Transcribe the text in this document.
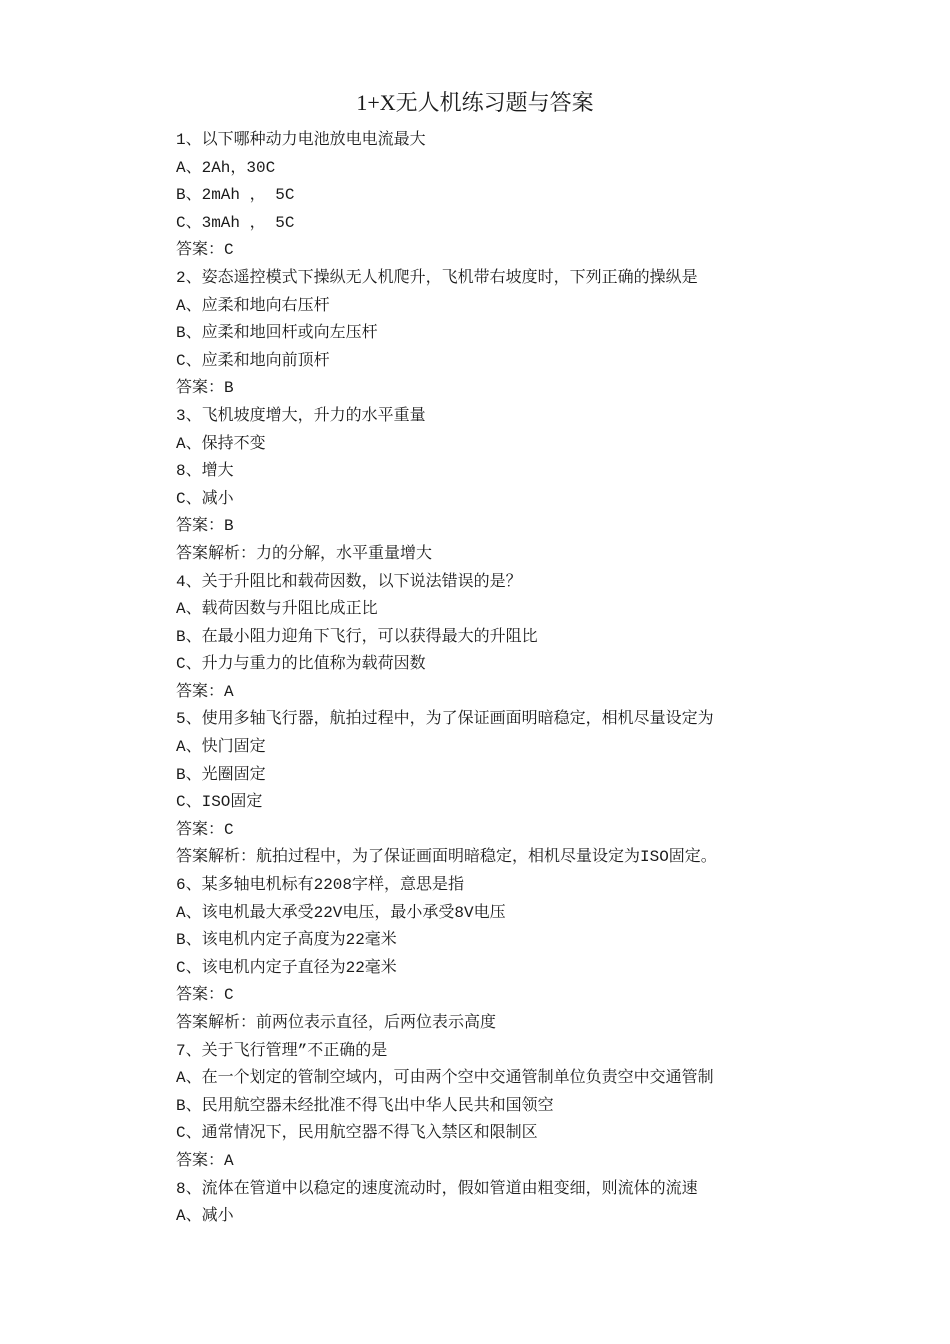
1+X无人机练习题与答案
1、以下哪种动力电池放电电流最大
A、2Ah，30C
B、2mAh ， 5C
C、3mAh ， 5C
答案：C
2、姿态遥控模式下操纵无人机爬升，飞机带右坡度时，下列正确的操纵是
A、应柔和地向右压杆
B、应柔和地回杆或向左压杆
C、应柔和地向前顶杆
答案：B
3、飞机坡度增大，升力的水平重量
A、保持不变
8、增大
C、减小
答案：B
答案解析：力的分解，水平重量增大
4、关于升阻比和载荷因数，以下说法错误的是？
A、载荷因数与升阻比成正比
B、在最小阻力迎角下飞行，可以获得最大的升阻比
C、升力与重力的比值称为载荷因数
答案：A
5、使用多轴飞行器，航拍过程中，为了保证画面明暗稳定，相机尽量设定为
A、快门固定
B、光圈固定
C、ISO固定
答案：C
答案解析：航拍过程中，为了保证画面明暗稳定，相机尽量设定为ISO固定。
6、某多轴电机标有2208字样，意思是指
A、该电机最大承受22V电压，最小承受8V电压
B、该电机内定子高度为22毫米
C、该电机内定子直径为22毫米
答案：C
答案解析：前两位表示直径，后两位表示高度
7、关于飞行管理”不正确的是
A、在一个划定的管制空域内，可由两个空中交通管制单位负责空中交通管制
B、民用航空器未经批准不得飞出中华人民共和国领空
C、通常情况下，民用航空器不得飞入禁区和限制区
答案：A
8、流体在管道中以稳定的速度流动时，假如管道由粗变细，则流体的流速
A、减小
